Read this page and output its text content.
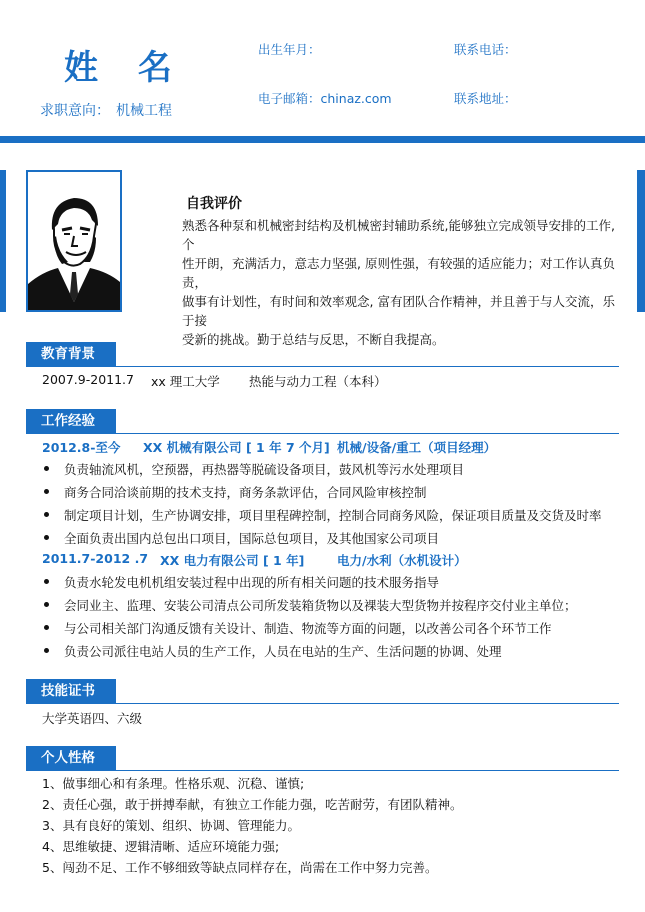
姓 名
求职意向： 机械工程
出生年月：	联系电话：
电子邮箱：chinaz.com	联系地址：
自我评价
熟悉各种泵和机械密封结构及机械密封辅助系统,能够独立完成领导安排的工作,个
性开朗，充满活力，意志力坚强, 原则性强，有较强的适应能力；对工作认真负责，
做事有计划性，有时间和效率观念, 富有团队合作精神，并且善于与人交流，乐于接
受新的挑战。勤于总结与反思，不断自我提高。
教育背景
2007.9-2011.7 xx 理工大学 热能与动力工程（本科）
工作经验
2012.8-至今 XX 机械有限公司 [ 1 年 7 个月] 机械/设备/重工（项目经理）
负责轴流风机，空预器，再热器等脱硫设备项目，鼓风机等污水处理项目
商务合同洽谈前期的技术支持，商务条款评估，合同风险审核控制
制定项目计划，生产协调安排，项目里程碑控制，控制合同商务风险，保证项目质量及交货及时率
全面负责出国内总包出口项目，国际总包项目，及其他国家公司项目
2011.7-2012 .7 XX 电力有限公司 [ 1 年]	电力/水利（水机设计）
负责水轮发电机机组安装过程中出现的所有相关问题的技术服务指导
会同业主、监理、安装公司清点公司所发装箱货物以及裸装大型货物并按程序交付业主单位；
与公司相关部门沟通反馈有关设计、制造、物流等方面的问题，以改善公司各个环节工作
负责公司派往电站人员的生产工作，人员在电站的生产、生活问题的协调、处理
技能证书
大学英语四、六级
个人性格
1、做事细心和有条理。性格乐观、沉稳、谨慎;
2、责任心强，敢于拼搏奉献，有独立工作能力强，吃苦耐劳，有团队精神。
3、具有良好的策划、组织、协调、管理能力。
4、思维敏捷、逻辑清晰、适应环境能力强;
5、闯劲不足、工作不够细致等缺点同样存在，尚需在工作中努力完善。
